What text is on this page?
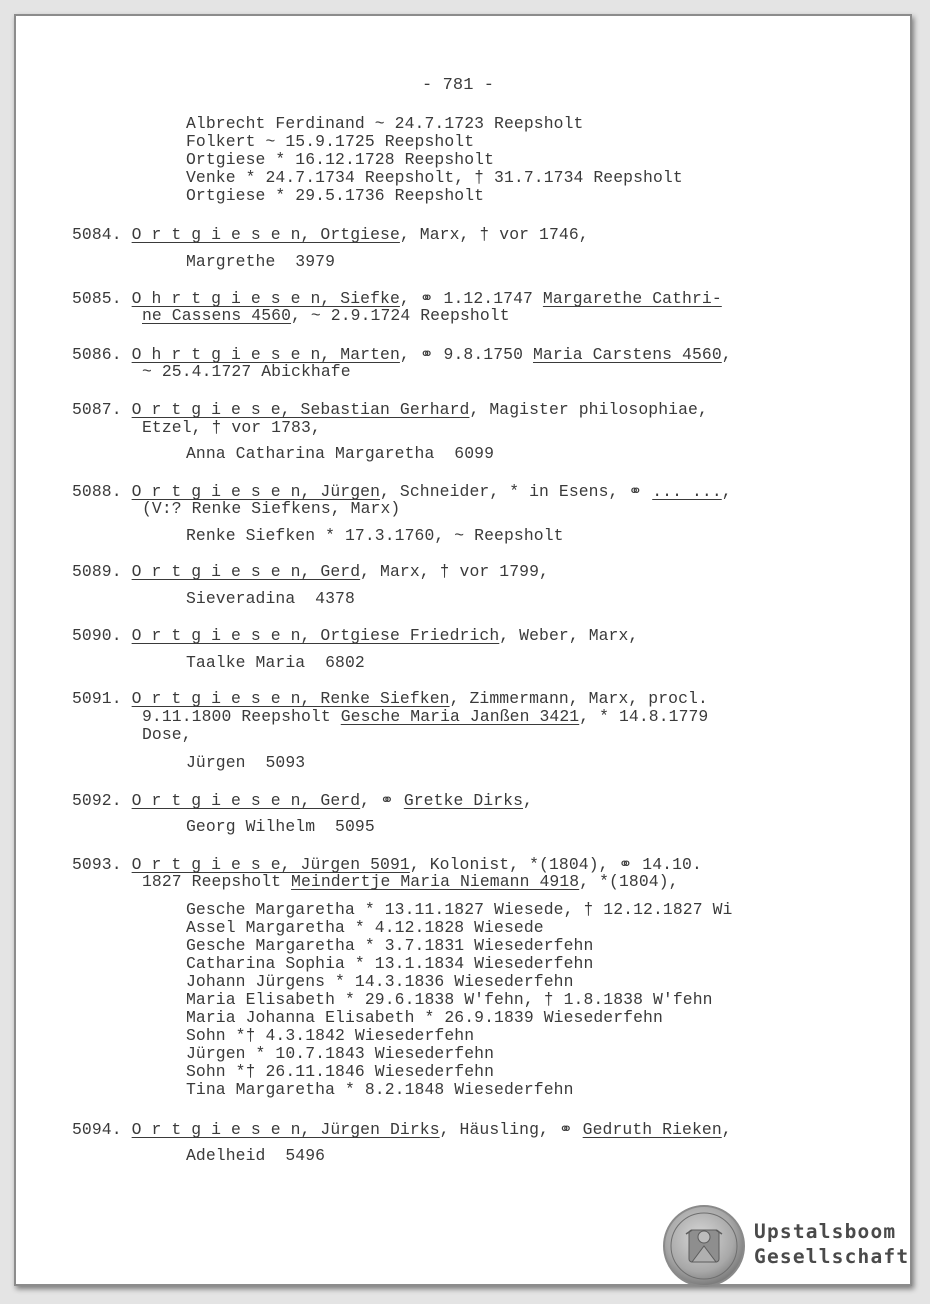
- 781 -
Albrecht Ferdinand ~ 24.7.1723 Reepsholt
Folkert ~ 15.9.1725 Reepsholt
Ortgiese * 16.12.1728 Reepsholt
Venke * 24.7.1734 Reepsholt, † 31.7.1734 Reepsholt
Ortgiese * 29.5.1736 Reepsholt
5084. O r t g i e s e n, Ortgiese, Marx, † vor 1746,
Margrethe  3979
5085. O h r t g i e s e n, Siefke, ⚭ 1.12.1747 Margarethe Cathri-
ne Cassens 4560, ~ 2.9.1724 Reepsholt
5086. O h r t g i e s e n, Marten, ⚭ 9.8.1750 Maria Carstens 4560,
~ 25.4.1727 Abickhafe
5087. O r t g i e s e, Sebastian Gerhard, Magister philosophiae,
Etzel, † vor 1783,
Anna Catharina Margaretha  6099
5088. O r t g i e s e n, Jürgen, Schneider, * in Esens, ⚭ ... ...,
(V:? Renke Siefkens, Marx)
Renke Siefken * 17.3.1760, ~ Reepsholt
5089. O r t g i e s e n, Gerd, Marx, † vor 1799,
Sieveradina  4378
5090. O r t g i e s e n, Ortgiese Friedrich, Weber, Marx,
Taalke Maria  6802
5091. O r t g i e s e n, Renke Siefken, Zimmermann, Marx, procl.
9.11.1800 Reepsholt Gesche Maria Janßen 3421, * 14.8.1779
Dose,
Jürgen  5093
5092. O r t g i e s e n, Gerd, ⚭ Gretke Dirks,
Georg Wilhelm  5095
5093. O r t g i e s e, Jürgen 5091, Kolonist, *(1804), ⚭ 14.10.
1827 Reepsholt Meindertje Maria Niemann 4918, *(1804),
Gesche Margaretha * 13.11.1827 Wiesede, † 12.12.1827 Wi
Assel Margaretha * 4.12.1828 Wiesede
Gesche Margaretha * 3.7.1831 Wiesederfehn
Catharina Sophia * 13.1.1834 Wiesederfehn
Johann Jürgens * 14.3.1836 Wiesederfehn
Maria Elisabeth * 29.6.1838 W'fehn, † 1.8.1838 W'fehn
Maria Johanna Elisabeth * 26.9.1839 Wiesederfehn
Sohn *† 4.3.1842 Wiesederfehn
Jürgen * 10.7.1843 Wiesederfehn
Sohn *† 26.11.1846 Wiesederfehn
Tina Margaretha * 8.2.1848 Wiesederfehn
5094. O r t g i e s e n, Jürgen Dirks, Häusling, ⚭ Gedruth Rieken,
Adelheid  5496
Upstalsboom
Gesellschaft
